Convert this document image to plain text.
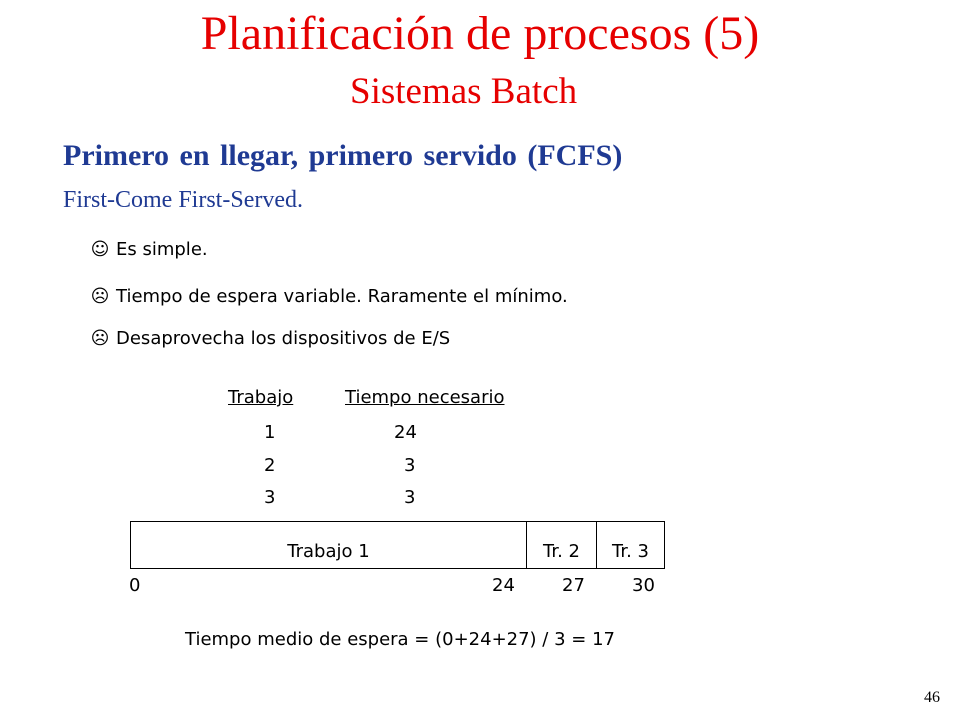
Planificación de procesos (5)
Sistemas Batch
Primero en llegar, primero servido (FCFS)
First-Come First-Served.
☺ Es simple.
☹ Tiempo de espera variable. Raramente el mínimo.
☹ Desaprovecha los dispositivos de E/S
Trabajo	Tiempo necesario
1	24
2	3
3	3
Trabajo 1	Tr. 2	Tr. 3
0	24	27	30
Tiempo medio de espera = (0+24+27) / 3 = 17
46
